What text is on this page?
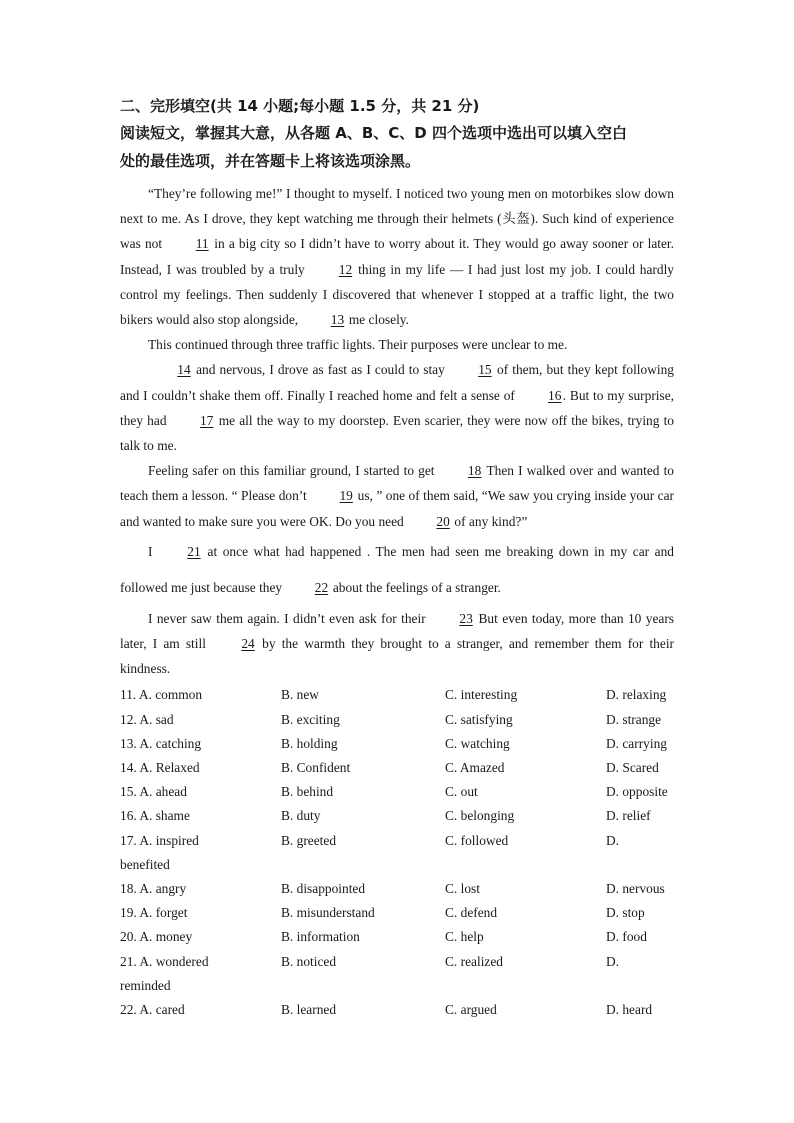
二、完形填空(共 14 小题;每小题 1.5 分，共 21 分)

阅读短文，掌握其大意，从各题 A、B、C、D 四个选项中选出可以填入空白

处的最佳选项，并在答题卡上将该选项涂黑。

“They’re following me!” I thought to myself. I noticed two young men on motorbikes slow down next to me. As I drove, they kept watching me through their helmets (头盔). Such kind of experience was not 11 in a big city so I didn’t have to worry about it. They would go away sooner or later. Instead, I was troubled by a truly 12 thing in my life — I had just lost my job. I could hardly control my feelings. Then suddenly I discovered that whenever I stopped at a traffic light, the two bikers would also stop alongside, 13 me closely.

This continued through three traffic lights. Their purposes were unclear to me.

14 and nervous, I drove as fast as I could to stay 15 of them, but they kept following and I couldn’t shake them off. Finally I reached home and felt a sense of 16. But to my surprise, they had 17 me all the way to my doorstep. Even scarier, they were now off the bikes, trying to talk to me.

Feeling safer on this familiar ground, I started to get 18 Then I walked over and wanted to teach them a lesson. “ Please don’t 19 us, ” one of them said, “We saw you crying inside your car and wanted to make sure you were OK. Do you need 20 of any kind?”

I 21 at once what had happened . The men had seen me breaking down in my car and followed me just because they 22 about the feelings of a stranger.

I never saw them again. I didn’t even ask for their 23 But even today, more than 10 years later, I am still 24 by the warmth they brought to a stranger, and remember them for their kindness.

11. A. common	B. new	C. interesting	D. relaxing
12. A. sad	B. exciting	C. satisfying	D. strange
13. A. catching	B. holding	C. watching	D. carrying
14. A. Relaxed	B. Confident	C. Amazed	D. Scared
15. A. ahead	B. behind	C. out	D. opposite
16. A. shame	B. duty	C. belonging	D. relief
17. A. inspired	B. greeted	C. followed	D.
benefited
18. A. angry	B. disappointed	C. lost	D. nervous
19. A. forget	B. misunderstand	C. defend	D. stop
20. A. money	B. information	C. help	D. food
21. A. wondered	B. noticed	C. realized	D.
reminded
22. A. cared	B. learned	C. argued	D. heard
